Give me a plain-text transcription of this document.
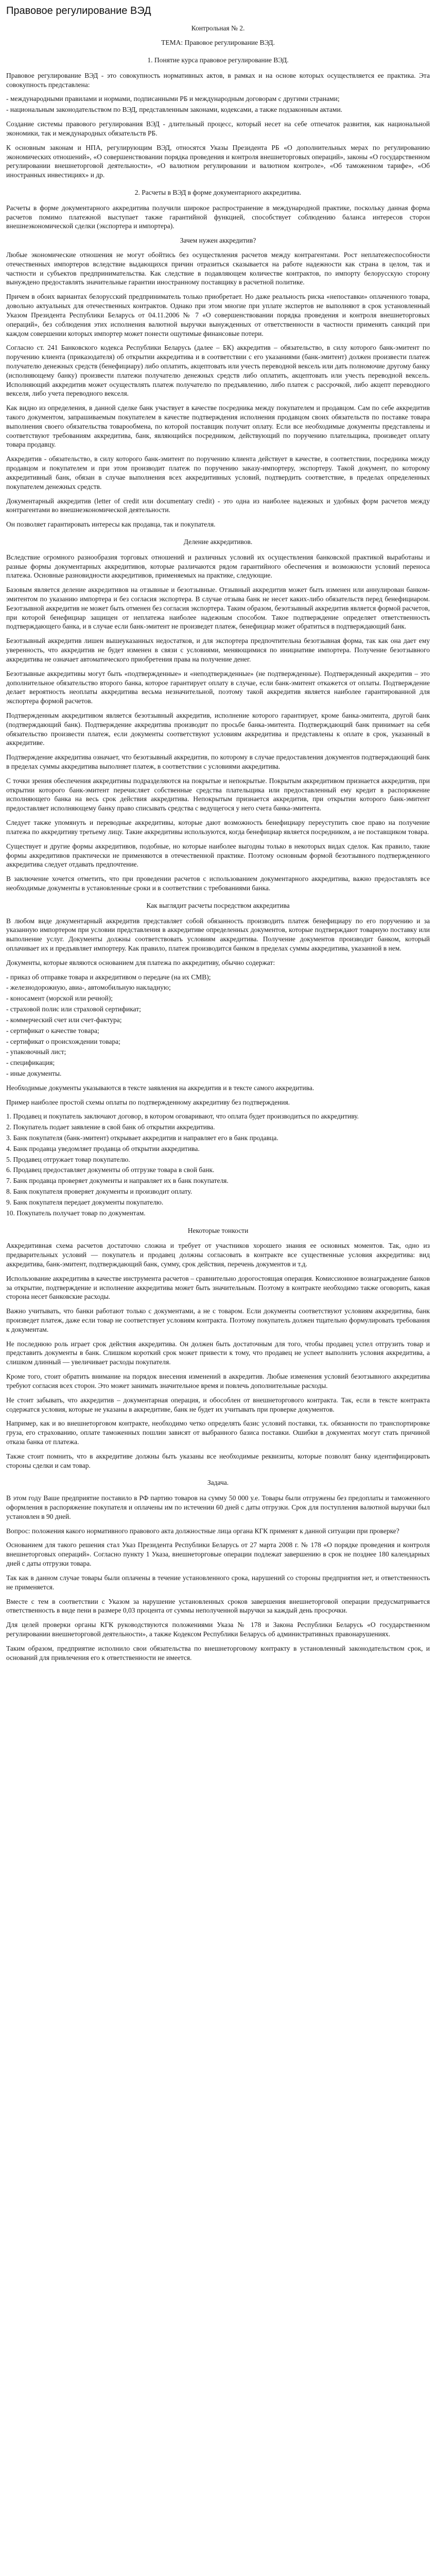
Правовое регулирование ВЭД
Контрольная № 2.
ТЕМА: Правовое регулирование ВЭД.
1. Понятие курса правовое регулирование ВЭД.

Правовое регулирование ВЭД - это совокупность нормативных актов, в рамках и на основе которых осуществляется ее практика. Эта совокупность представлена:

- международными правилами и нормами, подписанными РБ и международным договорам с другими странами;
- национальным законодательством по ВЭД, представленным законами, кодексами, а также подзаконным актами.

Создание системы правового регулирования ВЭД - длительный процесс, который несет на себе отпечаток развития, как национальной экономики, так и международных обязательств РБ.

К основным законам и НПА, регулирующим ВЭД, относятся Указы Президента РБ «О дополнительных мерах по регулированию экономических отношений», «О совершенствовании порядка проведения и контроля внешнеторговых операций», законы «О государственном регулировании внешнеторговой деятельности», «О валютном регулировании и валютном контроле», «Об таможенном тарифе», «Об иностранных инвестициях» и др.

2. Расчеты в ВЭД в форме документарного аккредитива.

Расчеты в форме документарного аккредитива получили широкое распространение в международной практике, поскольку данная форма расчетов помимо платежной выступает также гарантийной функцией, способствует соблюдению баланса интересов сторон внешнеэкономической сделки (экспортера и импортера).

Зачем нужен аккредитив?

Любые экономические отношения не могут обойтись без осуществления расчетов между контрагентами. Рост неплатежеспособности отечественных импортеров вследствие выдающихся причин отразиться сказывается на работе надежности как страна в целом, так и частности и субъектов предпринимательства. Как следствие в подавляющем количестве контрактов, по импорту белорусскую сторону вынуждено предоставлять значительные гарантии иностранному поставщику в расчетной политике.

Причем в обоих вариантах белорусский предприниматель только приобретает. Но даже реальность риска «непоставки» оплаченного товара, довольно актуальных для отечественных контрактов. Однако при этом многие при уплате экспертов не выполняют в срок установленный Указом Президента Республики Беларусь от 04.11.2006 № 7 «О совершенствовании порядка проведения и контроля внешнеторговых операций», без соблюдения этих исполнения валютной выручки вынужденных от ответственности в частности применять санкций при каждом совершении которых импортер может понести ощутимые финансовые потери.

Согласно ст. 241 Банковского кодекса Республики Беларусь (далее – БК) аккредитив – обязательство, в силу которого банк-эмитент по поручению клиента (приказодателя) об открытии аккредитива и в соответствии с его указаниями (банк-эмитент) должен произвести платеж получателю денежных средств (бенефициару) либо оплатить, акцептовать или учесть переводной вексель или дать полномочие другому банку (исполняющему банку) произвести платежи получателю денежных средств либо оплатить, акцептовать или учесть переводной вексель. Исполняющий аккредитив может осуществлять платеж получателю по предъявлению, либо платеж с рассрочкой, либо акцепт переводного векселя, либо учета переводного векселя.

Как видно из определения, в данной сделке банк участвует в качестве посредника между покупателем и продавцом. Сам по себе аккредитив такого документом, запрашиваемым покупателем в качестве подтверждения исполнения продавцом своих обязательств по поставке товара выполнения своего обязательства товарообмена, по которой поставщик получит оплату. Если все необходимые документы представлены и соответствуют требованиям аккредитива, банк, являющийся посредником, действующий по поручению плательщика, произведет оплату товара продавцу.

Аккредитив - обязательство, в силу которого банк-эмитент по поручению клиента действует в качестве, в соответствии, посредника между продавцом и покупателем и при этом производит платеж по поручению заказу-импортеру, экспортеру. Такой документ, по которому аккредитивный банк, обязан в случае выполнения всех аккредитивных условий, подтвердить соответствие, в пределах определенных покупателем денежных средств.

Документарный аккредитив (letter of credit или documentary credit) - это одна из наиболее надежных и удобных форм расчетов между контрагентами во внешнеэкономической деятельности.

Он позволяет гарантировать интересы как продавца, так и покупателя.

Деление аккредитивов.

Вследствие огромного разнообразия торговых отношений и различных условий их осуществления банковской практикой выработаны и разные формы документарных аккредитивов, которые различаются рядом гарантийного обеспечения и возможности условий переноса платежа. Основные разновидности аккредитивов, применяемых на практике, следующие.

Базовым является деление аккредитивов на отзывные и безотзывные. Отзывный аккредитив может быть изменен или аннулирован банком-эмитентом по указанию импортера и без согласия экспортера. В случае отзыва банк не несет каких-либо обязательств перед бенефициаром. Безотзывной аккредитив не может быть отменен без согласия экспортера. Таким образом, безотзывный аккредитив является формой расчетов, при которой бенефициар защищен от неплатежа наиболее надежным способом. Такое подтверждение определяет ответственность подтверждающего банка, и в случае если банк-эмитент не произведет платеж, бенефициар может обратиться в подтверждающий банк.

Безотзывный аккредитив лишен вышеуказанных недостатков, и для экспортера предпочтительна безотзывная форма, так как она дает ему уверенность, что аккредитив не будет изменен в связи с условиями, меняющимися по инициативе импортера. Получение безотзывного аккредитива не означает автоматического приобретения права на получение денег.

Безотзывные аккредитивы могут быть «подтвержденные» и «неподтвержденные» (не подтвержденные). Подтвержденный аккредитив – это дополнительное обязательство второго банка, которое гарантирует оплату в случае, если банк-эмитент откажется от оплаты. Подтверждение делает вероятность неоплаты аккредитива весьма незначительной, поэтому такой аккредитив является наиболее гарантированной для экспортера формой расчетов.

Подтвержденным аккредитивом является безотзывный аккредитив, исполнение которого гарантирует, кроме банка-эмитента, другой банк (подтверждающий банк). Подтверждение аккредитива производит по просьбе банка-эмитента. Подтверждающий банк принимает на себя обязательство произвести платеж, если документы соответствуют условиям аккредитива и представлены к оплате в срок, указанный в аккредитиве.

Подтверждение аккредитива означает, что безотзывный аккредитив, по которому в случае предоставления документов подтверждающий банк в пределах суммы аккредитива выполняет платеж, в соответствии с условиями аккредитива.

С точки зрения обеспечения аккредитивы подразделяются на покрытые и непокрытые. Покрытым аккредитивом признается аккредитив, при открытии которого банк-эмитент перечисляет собственные средства плательщика или предоставленный ему кредит в распоряжение исполняющего банка на весь срок действия аккредитива. Непокрытым признается аккредитив, при открытии которого банк-эмитент предоставляет исполняющему банку право списывать средства с ведущегося у него счета банка-эмитента.

Следует также упомянуть и переводные аккредитивы, которые дают возможность бенефициару переуступить свое право на получение платежа по аккредитиву третьему лицу. Такие аккредитивы используются, когда бенефициар является посредником, а не поставщиком товара.

Существует и другие формы аккредитивов, подобные, но которые наиболее выгодны только в некоторых видах сделок. Как правило, такие формы аккредитивов практически не применяются в отечественной практике. Поэтому основным формой безотзывного подтвержденного аккредитива следует отдавать предпочтение.

В заключение хочется отметить, что при проведении расчетов с использованием документарного аккредитива, важно предоставлять все необходимые документы в установленные сроки и в соответствии с требованиями банка.

Как выглядит расчеты посредством аккредитива

В любом виде документарный аккредитив представляет собой обязанность производить платеж бенефициару по его поручению и за указанную импортером при условии представления в аккредитиве определенных документов, которые подтверждают товарную поставку или выполнение услуг. Документы должны соответствовать условиям аккредитива. Получение документов производит банком, который оплачивает их и предъявляет импортеру. Как правило, платеж производится банком в пределах суммы аккредитива, указанной в нем.

Документы, которые являются основанием для платежа по аккредитиву, обычно содержат:

- приказ об отправке товара и аккредитивом о передаче (на их СМВ);
- железнодорожную, авиа-, автомобильную накладную;
- коносамент (морской или речной);
- страховой полис или страховой сертификат;
- коммерческий счет или счет-фактура;
- сертификат о качестве товара;
- сертификат о происхождении товара;
- упаковочный лист;
- спецификация;
- иные документы.

Необходимые документы указываются в тексте заявления на аккредитив и в тексте самого аккредитива.

Пример наиболее простой схемы оплаты по подтвержденному аккредитиву без подтверждения.

1. Продавец и покупатель заключают договор, в котором оговаривают, что оплата будет производиться по аккредитиву.
2. Покупатель подает заявление в свой банк об открытии аккредитива.
3. Банк покупателя (банк-эмитент) открывает аккредитив и направляет его в банк продавца.
4. Банк продавца уведомляет продавца об открытии аккредитива.
5. Продавец отгружает товар покупателю.
6. Продавец предоставляет документы об отгрузке товара в свой банк.
7. Банк продавца проверяет документы и направляет их в банк покупателя.
8. Банк покупателя проверяет документы и производит оплату.
9. Банк покупателя передает документы покупателю.
10. Покупатель получает товар по документам.
Некоторые тонкости

Аккредитивная схема расчетов достаточно сложна и требует от участников хорошего знания ее основных моментов. Так, одно из предварительных условий — покупатель и продавец должны согласовать в контракте все существенные условия аккредитива: вид аккредитива, банк-эмитент, подтверждающий банк, сумму, срок действия, перечень документов и т.д.

Использование аккредитива в качестве инструмента расчетов – сравнительно дорогостоящая операция. Комиссионное вознаграждение банков за открытие, подтверждение и исполнение аккредитива может быть значительным. Поэтому в контракте необходимо также оговорить, какая сторона несет банковские расходы.

Важно учитывать, что банки работают только с документами, а не с товаром. Если документы соответствуют условиям аккредитива, банк произведет платеж, даже если товар не соответствует условиям контракта. Поэтому покупатель должен тщательно формулировать требования к документам.

Не последнюю роль играет срок действия аккредитива. Он должен быть достаточным для того, чтобы продавец успел отгрузить товар и представить документы в банк. Слишком короткий срок может привести к тому, что продавец не успеет выполнить условия аккредитива, а слишком длинный — увеличивает расходы покупателя.

Кроме того, стоит обратить внимание на порядок внесения изменений в аккредитив. Любые изменения условий безотзывного аккредитива требуют согласия всех сторон. Это может занимать значительное время и повлечь дополнительные расходы.

Не стоит забывать, что аккредитив – документарная операция, и обособлен от внешнеторгового контракта. Так, если в тексте контракта содержатся условия, которые не указаны в аккредитиве, банк не будет их учитывать при проверке документов.

Например, как и во внешнеторговом контракте, необходимо четко определять базис условий поставки, т.к. обязанности по транспортировке груза, его страхованию, оплате таможенных пошлин зависят от выбранного базиса поставки. Ошибки в документах могут стать причиной отказа банка от платежа.

Также стоит помнить, что в аккредитиве должны быть указаны все необходимые реквизиты, которые позволят банку идентифицировать стороны сделки и сам товар.

Задача.

В этом году Ваше предприятие поставило в РФ партию товаров на сумму 50 000 у.е. Товары были отгружены без предоплаты и таможенного оформления в распоряжение покупателя и оплачены им по истечении 60 дней с даты отгрузки. Срок для поступления валютной выручки был установлен в 90 дней.

Вопрос: положения какого нормативного правового акта должностные лица органа КГК применят к данной ситуации при проверке?

Основанием для такого решения стал Указ Президента Республики Беларусь от 27 марта 2008 г. № 178 «О порядке проведения и контроля внешнеторговых операций». Согласно пункту 1 Указа, внешнеторговые операции подлежат завершению в срок не позднее 180 календарных дней с даты отгрузки товара.

Так как в данном случае товары были оплачены в течение установленного срока, нарушений со стороны предприятия нет, и ответственность не применяется.

Вместе с тем в соответствии с Указом за нарушение установленных сроков завершения внешнеторговой операции предусматривается ответственность в виде пени в размере 0,03 процента от суммы неполученной выручки за каждый день просрочки.

Для целей проверки органы КГК руководствуются положениями Указа № 178 и Закона Республики Беларусь «О государственном регулировании внешнеторговой деятельности», а также Кодексом Республики Беларусь об административных правонарушениях.

Таким образом, предприятие исполнило свои обязательства по внешнеторговому контракту в установленный законодательством срок, и оснований для привлечения его к ответственности не имеется.
